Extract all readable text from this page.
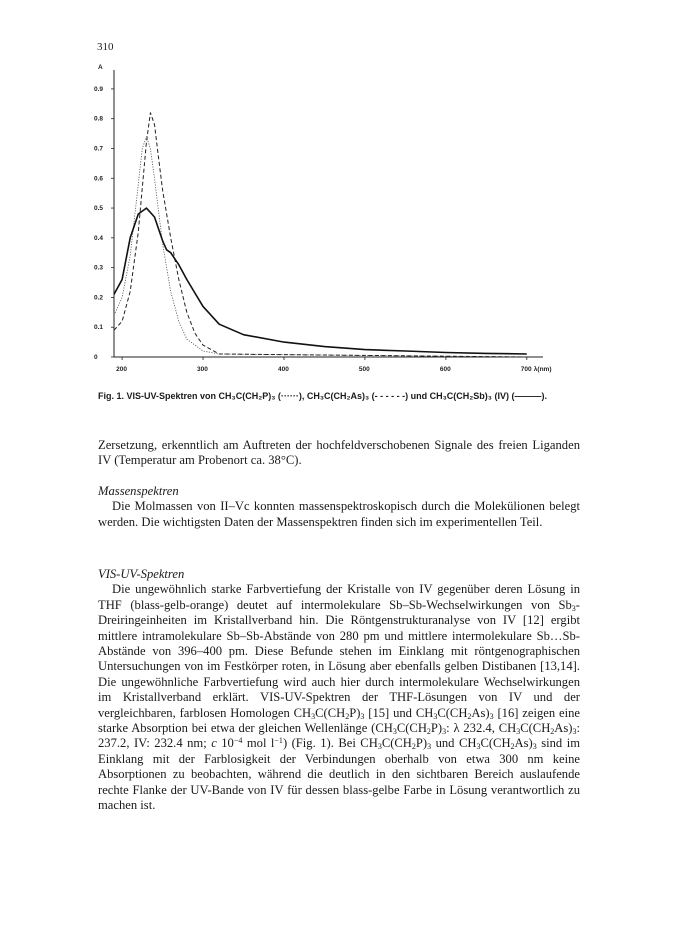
310
A
0
0.1
0.2
0.3
0.4
0.5
0.6
0.7
0.8
0.9
200	300	400	500	600	700 λ(nm)
Fig. 1. VIS-UV-Spektren von CH₃C(CH₂P)₃ (······), CH₃C(CH₂As)₃ (- - - - - -) und CH₃C(CH₂Sb)₃ (IV) (———).

Zersetzung, erkenntlich am Auftreten der hochfeldverschobenen Signale des freien Liganden IV (Temperatur am Probenort ca. 38°C).

Massenspektren

Die Molmassen von II–Vc konnten massenspektroskopisch durch die Molekülionen belegt werden. Die wichtigsten Daten der Massenspektren finden sich im experimentellen Teil.

VIS-UV-Spektren

Die ungewöhnlich starke Farbvertiefung der Kristalle von IV gegenüber deren Lösung in THF (blass-gelb-orange) deutet auf intermolekulare Sb–Sb-Wechselwirkungen von $Sb_3$-Dreiringeinheiten im Kristallverband hin. Die Röntgenstrukturanalyse von IV [12] ergibt mittlere intramolekulare Sb–Sb-Abstände von 280 pm und mittlere intermolekulare Sb…Sb-Abstände von 396–400 pm. Diese Befunde stehen im Einklang mit röntgenographischen Untersuchungen von im Festkörper roten, in Lösung aber ebenfalls gelben Distibanen [13,14]. Die ungewöhnliche Farbvertiefung wird auch hier durch intermolekulare Wechselwirkungen im Kristallverband erklärt. VIS-UV-Spektren der THF-Lösungen von IV und der vergleichbaren, farblosen Homologen $CH_3C(CH_2P)_3$ [15] und $CH_3C(CH_2As)_3$ [16] zeigen eine starke Absorption bei etwa der gleichen Wellenlänge ($CH_3C(CH_2P)_3$: λ 232.4, $CH_3C(CH_2As)_3$: 237.2, IV: 232.4 nm; c $10^{-4}$ mol $l^{-1}$) (Fig. 1). Bei $CH_3C(CH_2P)_3$ und $CH_3C(CH_2As)_3$ sind im Einklang mit der Farblosigkeit der Verbindungen oberhalb von etwa 300 nm keine Absorptionen zu beobachten, während die deutlich in den sichtbaren Bereich auslaufende rechte Flanke der UV-Bande von IV für dessen blass-gelbe Farbe in Lösung verantwortlich zu machen ist.
